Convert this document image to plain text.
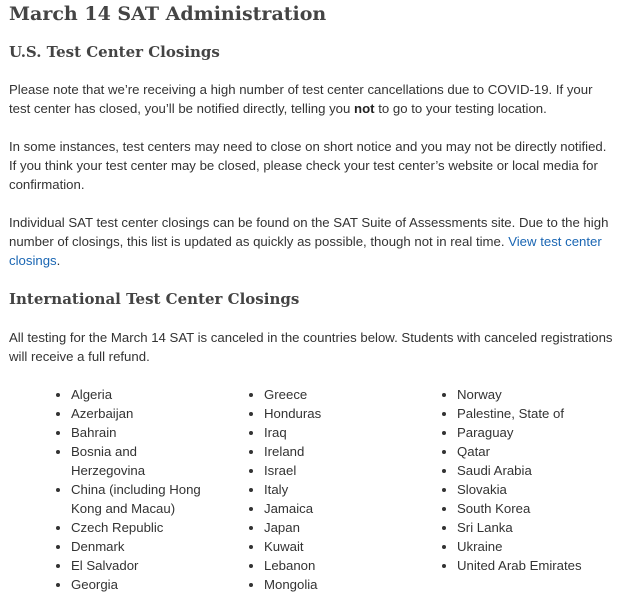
March 14 SAT Administration
U.S. Test Center Closings

Please note that we’re receiving a high number of test center cancellations due to COVID-19. If your test center has closed, you’ll be notified directly, telling you not to go to your testing location.

In some instances, test centers may need to close on short notice and you may not be directly notified. If you think your test center may be closed, please check your test center’s website or local media for confirmation.

Individual SAT test center closings can be found on the SAT Suite of Assessments site. Due to the high number of closings, this list is updated as quickly as possible, though not in real time. View test center closings.

International Test Center Closings

All testing for the March 14 SAT is canceled in the countries below. Students with canceled registrations will receive a full refund.

Algeria
Azerbaijan
Bahrain
Bosnia and Herzegovina
China (including Hong Kong and Macau)
Czech Republic
Denmark
El Salvador
Georgia
Greece
Honduras
Iraq
Ireland
Israel
Italy
Jamaica
Japan
Kuwait
Lebanon
Mongolia
Norway
Palestine, State of
Paraguay
Qatar
Saudi Arabia
Slovakia
South Korea
Sri Lanka
Ukraine
United Arab Emirates
